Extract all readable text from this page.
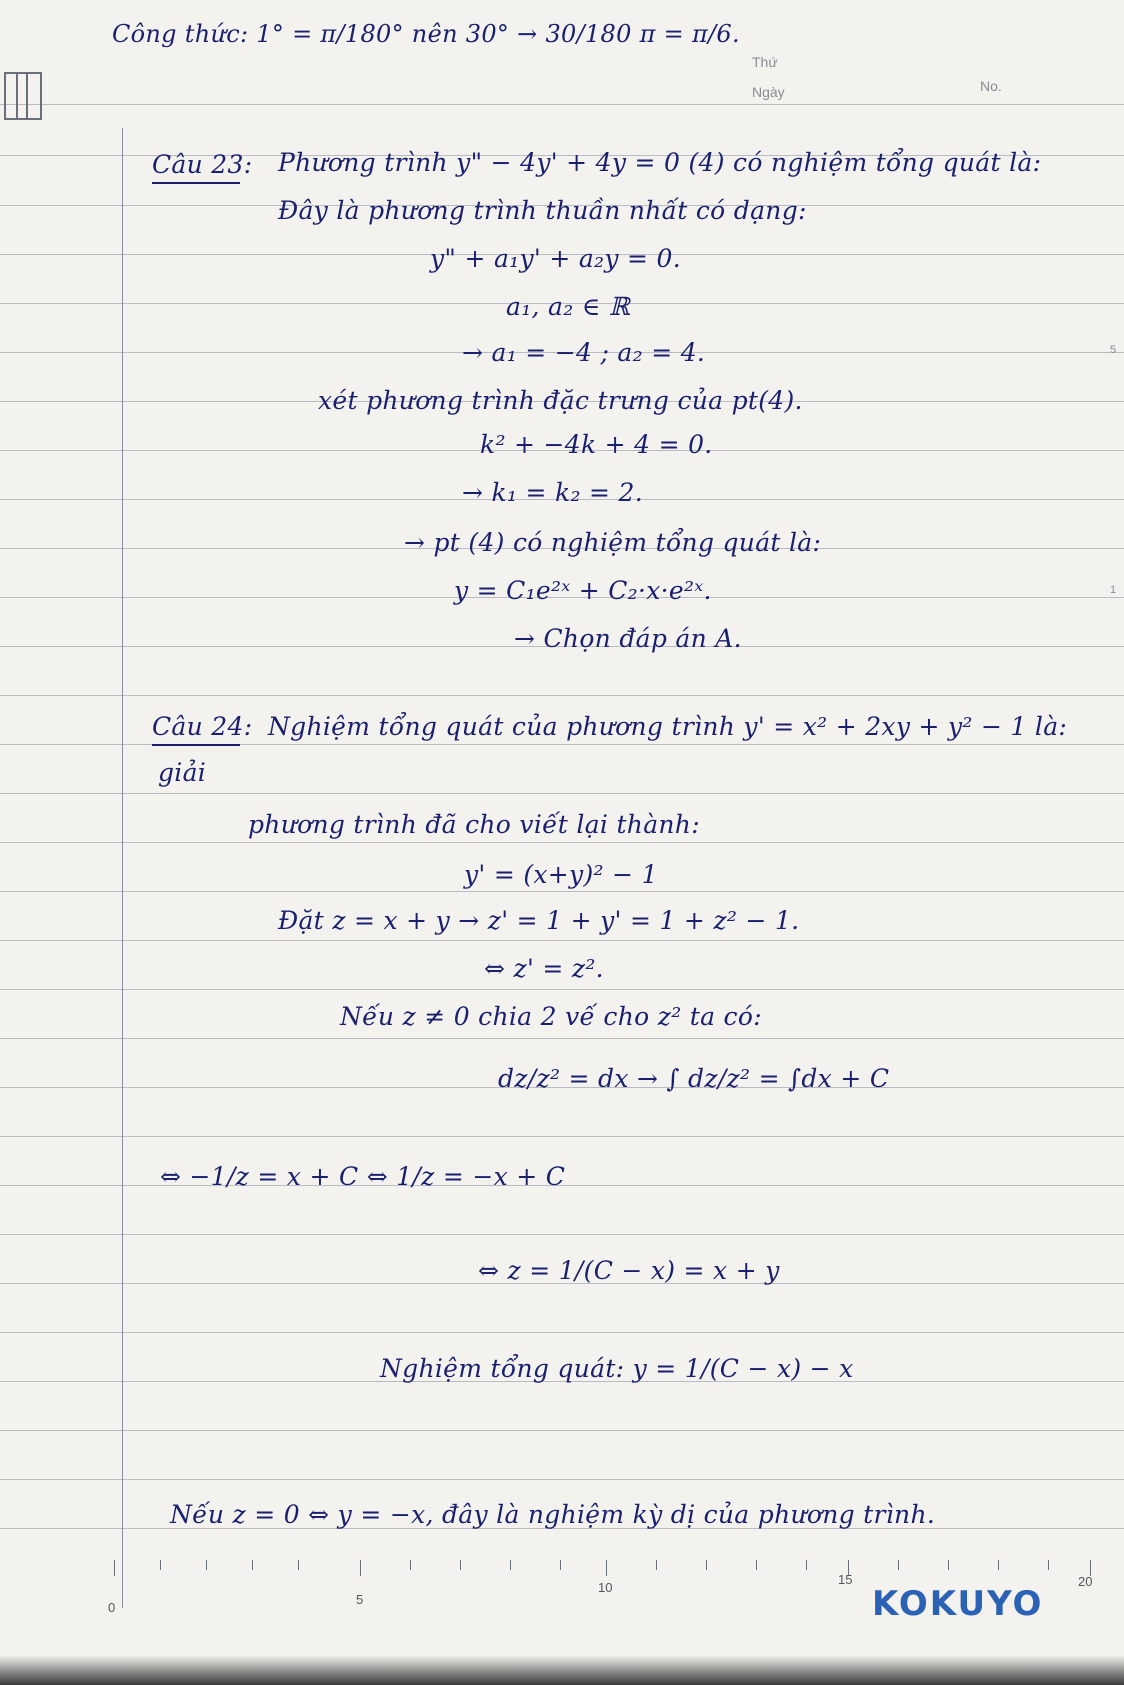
Thứ
Ngày	No.
5
1
Công thức: 1° = π/180° nên 30° → 30/180 π = π/6.
Câu 23: Phương trình y" − 4y' + 4y = 0 (4) có nghiệm tổng quát là:
Đây là phương trình thuần nhất có dạng:
y" + a₁y' + a₂y = 0.
a₁, a₂ ∈ ℝ
→ a₁ = −4 ; a₂ = 4.
xét phương trình đặc trưng của pt(4).
k² + −4k + 4 = 0.
→ k₁ = k₂ = 2.
→ pt (4) có nghiệm tổng quát là:
y = C₁e²ˣ + C₂·x·e²ˣ.
→ Chọn đáp án A.
Câu 24: Nghiệm tổng quát của phương trình y' = x² + 2xy + y² − 1 là:
giải
phương trình đã cho viết lại thành:
y' = (x+y)² − 1
Đặt z = x + y → z' = 1 + y' = 1 + z² − 1.
⇔ z' = z².
Nếu z ≠ 0 chia 2 vế cho z² ta có:
dz/z² = dx → ∫ dz/z² = ∫dx + C
⇔ −1/z = x + C ⇔ 1/z = −x + C
⇔ z = 1/(C − x) = x + y
Nghiệm tổng quát: y = 1/(C − x) − x
Nếu z = 0 ⇔ y = −x, đây là nghiệm kỳ dị của phương trình.
0
5
10
15	20
KOKUYO
